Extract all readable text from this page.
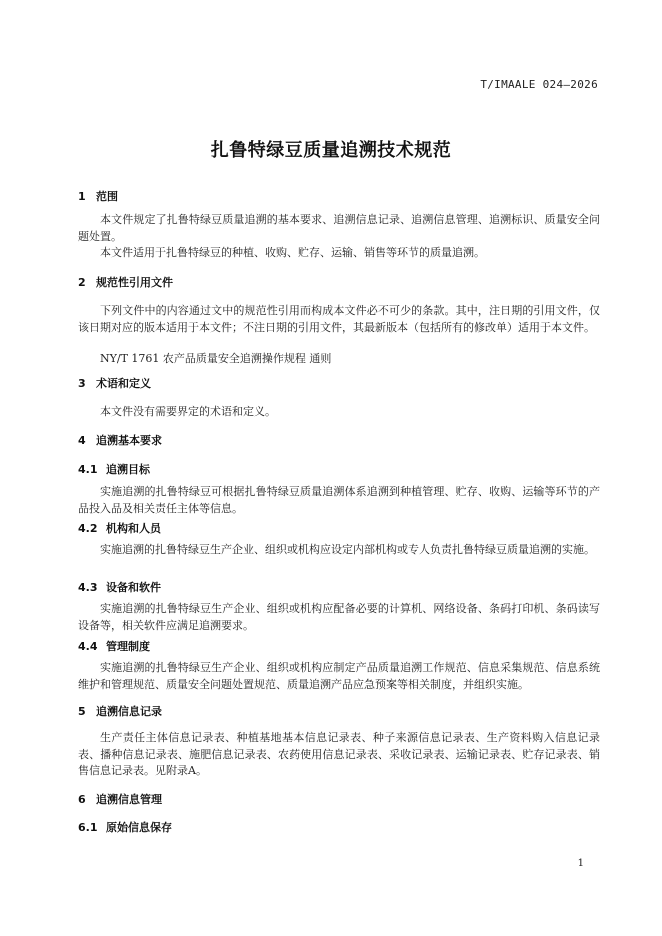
T/IMAALE 024—2026
扎鲁特绿豆质量追溯技术规范
1 范围

本文件规定了扎鲁特绿豆质量追溯的基本要求、追溯信息记录、追溯信息管理、追溯标识、质量安全问题处置。

本文件适用于扎鲁特绿豆的种植、收购、贮存、运输、销售等环节的质量追溯。

2 规范性引用文件

下列文件中的内容通过文中的规范性引用而构成本文件必不可少的条款。其中，注日期的引用文件，仅该日期对应的版本适用于本文件；不注日期的引用文件，其最新版本（包括所有的修改单）适用于本文件。

NY/T 1761 农产品质量安全追溯操作规程 通则

3 术语和定义

本文件没有需要界定的术语和定义。

4 追溯基本要求
4.1 追溯目标

实施追溯的扎鲁特绿豆可根据扎鲁特绿豆质量追溯体系追溯到种植管理、贮存、收购、运输等环节的产品投入品及相关责任主体等信息。

4.2 机构和人员

实施追溯的扎鲁特绿豆生产企业、组织或机构应设定内部机构或专人负责扎鲁特绿豆质量追溯的实施。

4.3 设备和软件

实施追溯的扎鲁特绿豆生产企业、组织或机构应配备必要的计算机、网络设备、条码打印机、条码读写设备等，相关软件应满足追溯要求。

4.4 管理制度

实施追溯的扎鲁特绿豆生产企业、组织或机构应制定产品质量追溯工作规范、信息采集规范、信息系统维护和管理规范、质量安全问题处置规范、质量追溯产品应急预案等相关制度，并组织实施。

5 追溯信息记录

生产责任主体信息记录表、种植基地基本信息记录表、种子来源信息记录表、生产资料购入信息记录表、播种信息记录表、施肥信息记录表、农药使用信息记录表、采收记录表、运输记录表、贮存记录表、销售信息记录表。见附录A。

6 追溯信息管理
6.1 原始信息保存
1
